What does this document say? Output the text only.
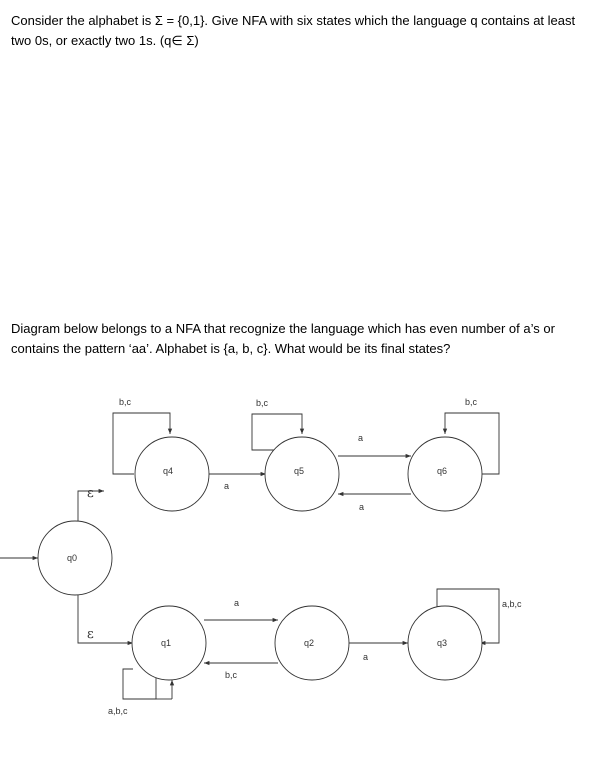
Consider the alphabet is Σ = {0,1}. Give NFA with six states which the language q contains at least
two 0s, or exactly two 1s. (q∈ Σ)
Diagram below belongs to a NFA that recognize the language which has even number of a’s or
contains the pattern ‘aa’. Alphabet is {a, b, c}. What would be its final states?
ε
ε
b,c	b,c	b,c
a
a
a
a,b,c
a
b,c
a
a,b,c
q0
q4	q5	q6
q1	q2	q3
